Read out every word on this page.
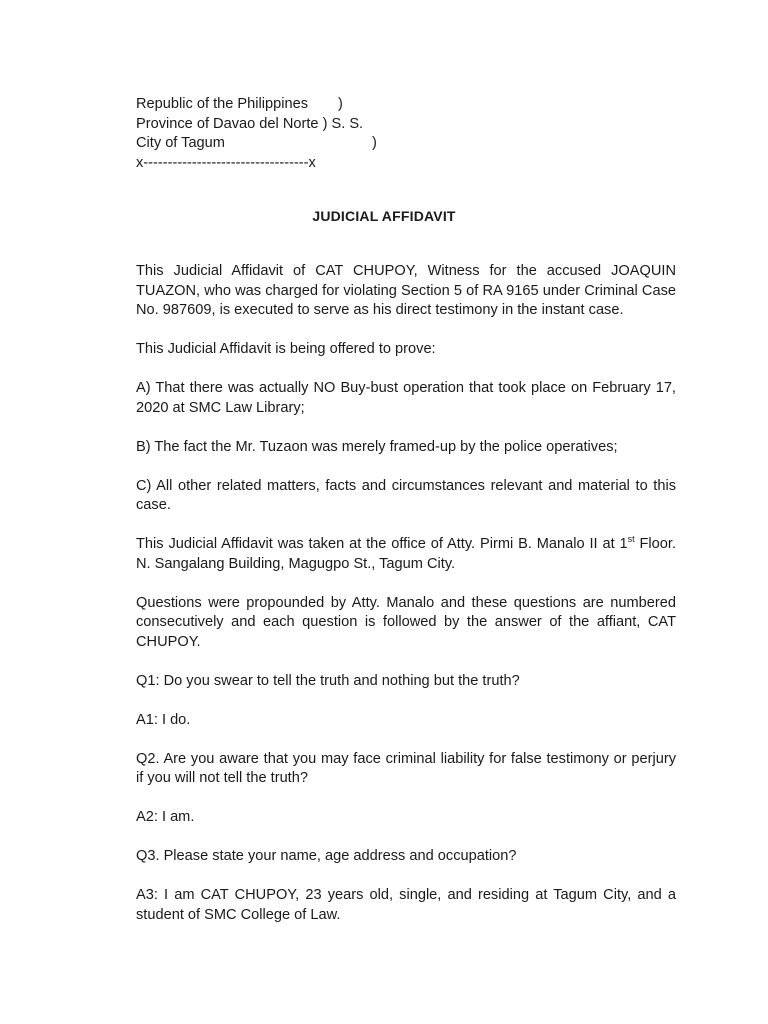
Republic of the Philippines )
Province of Davao del Norte ) S. S.
City of Tagum	)
x----------------------------------x
JUDICIAL AFFIDAVIT

This Judicial Affidavit of CAT CHUPOY, Witness for the accused JOAQUIN TUAZON, who was charged for violating Section 5 of RA 9165 under Criminal Case No. 987609, is executed to serve as his direct testimony in the instant case.

This Judicial Affidavit is being offered to prove:

A) That there was actually NO Buy-bust operation that took place on February 17, 2020 at SMC Law Library;

B) The fact the Mr. Tuzaon was merely framed-up by the police operatives;

C) All other related matters, facts and circumstances relevant and material to this case.

This Judicial Affidavit was taken at the office of Atty. Pirmi B. Manalo II at 1st Floor. N. Sangalang Building, Magugpo St., Tagum City.

Questions were propounded by Atty. Manalo and these questions are numbered consecutively and each question is followed by the answer of the affiant, CAT CHUPOY.

Q1: Do you swear to tell the truth and nothing but the truth?

A1: I do.

Q2. Are you aware that you may face criminal liability for false testimony or perjury if you will not tell the truth?

A2: I am.

Q3. Please state your name, age address and occupation?

A3: I am CAT CHUPOY, 23 years old, single, and residing at Tagum City, and a student of SMC College of Law.
